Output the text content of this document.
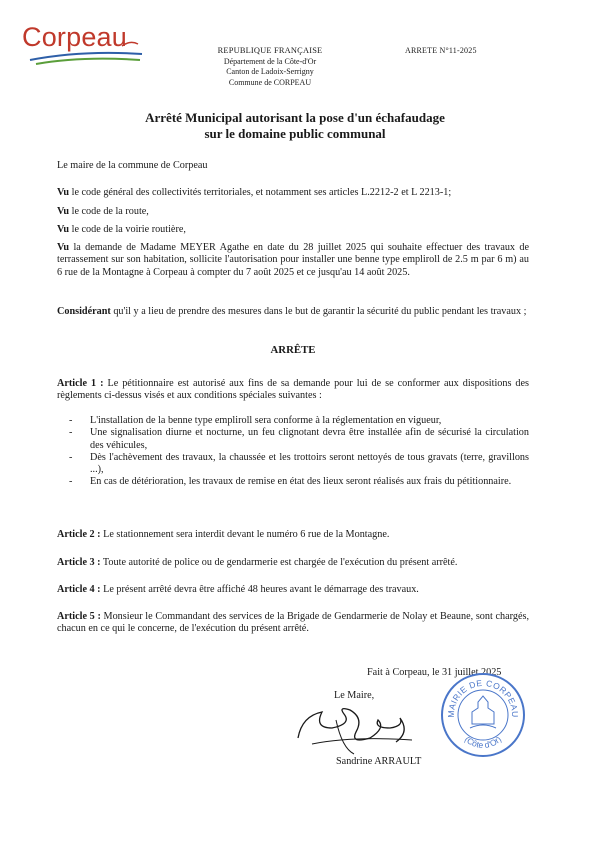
Corpeau	REPUBLIQUE FRANÇAISE
Département de la Côte-d'Or
Canton de Ladoix-Serrigny
Commune de CORPEAU
ARRETE N°11-2025
Arrêté Municipal autorisant la pose d'un échafaudage
sur le domaine public communal

Le maire de la commune de Corpeau

Vu le code général des collectivités territoriales, et notamment ses articles L.2212-2 et L 2213-1;

Vu le code de la route,

Vu le code de la voirie routière,

Vu la demande de Madame MEYER Agathe en date du 28 juillet 2025 qui souhaite effectuer des travaux de terrassement sur son habitation, sollicite l'autorisation pour installer une benne type empliroll de 2.5 m par 6 m) au 6 rue de la Montagne à Corpeau à compter du 7 août 2025 et ce jusqu'au 14 août 2025.

Considérant qu'il y a lieu de prendre des mesures dans le but de garantir la sécurité du public pendant les travaux ;

ARRÊTE

Article 1 : Le pétitionnaire est autorisé aux fins de sa demande pour lui de se conformer aux dispositions des règlements ci-dessus visés et aux conditions spéciales suivantes :

- L'installation de la benne type empliroll sera conforme à la réglementation en vigueur,
- Une signalisation diurne et nocturne, un feu clignotant devra être installée afin de sécurisé la circulation des véhicules,
- Dès l'achèvement des travaux, la chaussée et les trottoirs seront nettoyés de tous gravats (terre, gravillons ...),
- En cas de détérioration, les travaux de remise en état des lieux seront réalisés aux frais du pétitionnaire.

Article 2 : Le stationnement sera interdit devant le numéro 6 rue de la Montagne.

Article 3 : Toute autorité de police ou de gendarmerie est chargée de l'exécution du présent arrêté.

Article 4 : Le présent arrêté devra être affiché 48 heures avant le démarrage des travaux.

Article 5 : Monsieur le Commandant des services de la Brigade de Gendarmerie de Nolay et Beaune, sont chargés, chacun en ce qui le concerne, de l'exécution du présent arrêté.

Fait à Corpeau, le 31 juillet 2025
Le Maire,
Sandrine ARRAULT
MAIRIE DE CORPEAU
(Côte d'Or)
